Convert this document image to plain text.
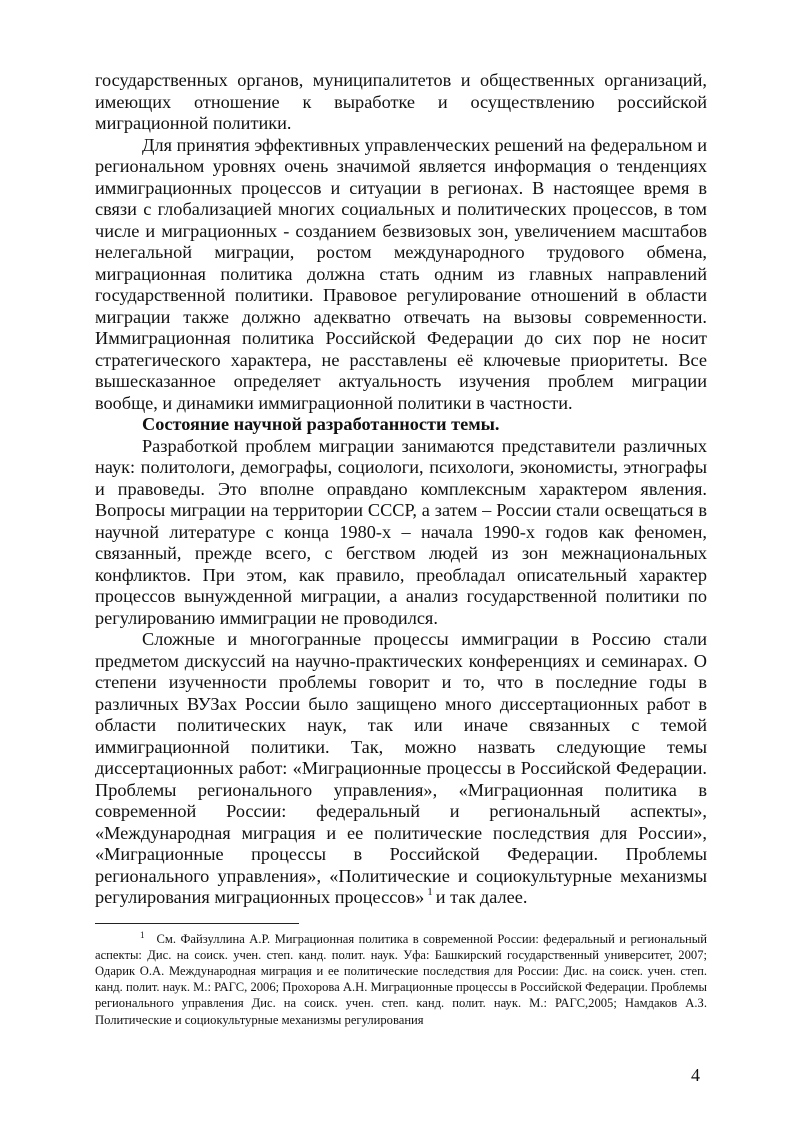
государственных органов, муниципалитетов и общественных организаций, имеющих отношение к выработке и осуществлению российской миграционной политики.

Для принятия эффективных управленческих решений на федеральном и региональном уровнях очень значимой является информация о тенденциях иммиграционных процессов и ситуации в регионах. В настоящее время в связи с глобализацией многих социальных и политических процессов, в том числе и миграционных - созданием безвизовых зон, увеличением масштабов нелегальной миграции, ростом международного трудового обмена, миграционная политика должна стать одним из главных направлений государственной политики. Правовое регулирование отношений в области миграции также должно адекватно отвечать на вызовы современности. Иммиграционная политика Российской Федерации до сих пор не носит стратегического характера, не расставлены её ключевые приоритеты. Все вышесказанное определяет актуальность изучения проблем миграции вообще, и динамики иммиграционной политики в частности.

Состояние научной разработанности темы.

Разработкой проблем миграции занимаются представители различных наук: политологи, демографы, социологи, психологи, экономисты, этнографы и правоведы. Это вполне оправдано комплексным характером явления. Вопросы миграции на территории СССР, а затем – России стали освещаться в научной литературе с конца 1980-х – начала 1990-х годов как феномен, связанный, прежде всего, с бегством людей из зон межнациональных конфликтов. При этом, как правило, преобладал описательный характер процессов вынужденной миграции, а анализ государственной политики по регулированию иммиграции не проводился.

Сложные и многогранные процессы иммиграции в Россию стали предметом дискуссий на научно-практических конференциях и семинарах. О степени изученности проблемы говорит и то, что в последние годы в различных ВУЗах России было защищено много диссертационных работ в области политических наук, так или иначе связанных с темой иммиграционной политики. Так, можно назвать следующие темы диссертационных работ: «Миграционные процессы в Российской Федерации. Проблемы регионального управления», «Миграционная политика в современной России: федеральный и региональный аспекты», «Международная миграция и ее политические последствия для России», «Миграционные процессы в Российской Федерации. Проблемы регионального управления», «Политические и социокультурные механизмы регулирования миграционных процессов» $^1$ и так далее.

$^1$ См. Файзуллина А.Р. Миграционная политика в современной России: федеральный и региональный аспекты: Дис. на соиск. учен. степ. канд. полит. наук. Уфа: Башкирский государственный университет, 2007; Одарик О.А. Международная миграция и ее политические последствия для России: Дис. на соиск. учен. степ. канд. полит. наук. М.: РАГС, 2006; Прохорова А.Н. Миграционные процессы в Российской Федерации. Проблемы регионального управления Дис. на соиск. учен. степ. канд. полит. наук. М.: РАГС,2005; Намдаков А.З. Политические и социокультурные механизмы регулирования

4
